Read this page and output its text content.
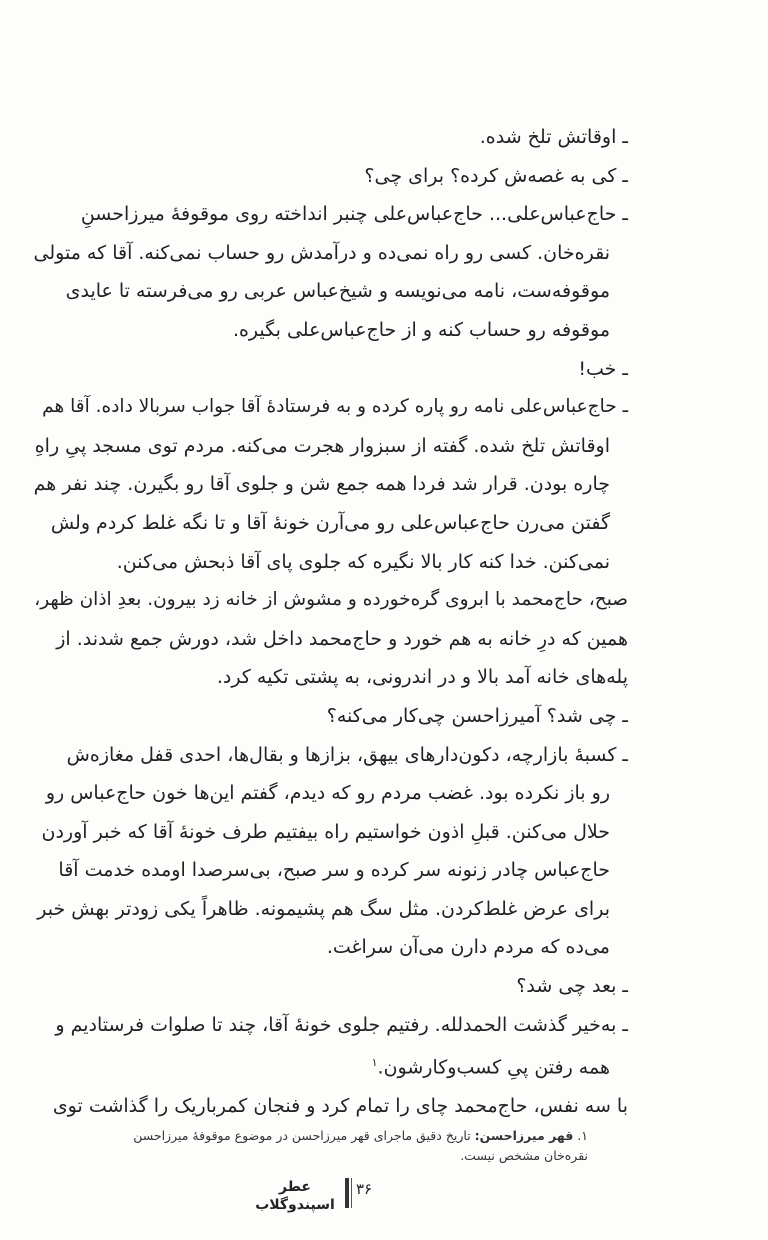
ـ اوقاتش تلخ شده.
ـ کی به غصه‌ش کرده؟ برای چی؟
ـ حاج‌عباس‌علی... حاج‌عباس‌علی چنبر انداخته روی موقوفهٔ میرزاحسنِ
نقره‌خان. کسی رو راه نمی‌ده و درآمدش رو حساب نمی‌کنه. آقا که متولی
موقوفه‌ست، نامه می‌نویسه و شیخ‌عباس عربی رو می‌فرسته تا عایدی
موقوفه رو حساب کنه و از حاج‌عباس‌علی بگیره.
ـ خب!
ـ حاج‌عباس‌علی نامه رو پاره کرده و به فرستادهٔ آقا جواب سربالا داده. آقا هم
اوقاتش تلخ شده. گفته از سبزوار هجرت می‌کنه. مردم توی مسجد پیِ راهِ
چاره بودن. قرار شد فردا همه جمع شن و جلوی آقا رو بگیرن. چند نفر هم
گفتن می‌رن حاج‌عباس‌علی رو می‌آرن خونهٔ آقا و تا نگه غلط کردم ولش
نمی‌کنن. خدا کنه کار بالا نگیره که جلوی پای آقا ذبحش می‌کنن.
صبح، حاج‌محمد با ابروی گره‌خورده و مشوش از خانه زد بیرون. بعدِ اذان ظهر،
همین که درِ خانه به هم خورد و حاج‌محمد داخل شد، دورش جمع شدند. از
پله‌های خانه آمد بالا و در اندرونی، به پشتی تکیه کرد.
ـ چی شد؟ آمیرزاحسن چی‌کار می‌کنه؟
ـ کسبهٔ بازارچه، دکون‌دارهای بیهق، بزازها و بقال‌ها، احدی قفل مغازه‌ش
رو باز نکرده بود. غضب مردم رو که دیدم، گفتم این‌ها خون حاج‌عباس رو
حلال می‌کنن. قبلِ اذون خواستیم راه بیفتیم طرف خونهٔ آقا که خبر آوردن
حاج‌عباس چادر زنونه سر کرده و سر صبح، بی‌سرصدا اومده خدمت آقا
برای عرض غلط‌کردن. مثل سگ هم پشیمونه. ظاهراً یکی زودتر بهش خبر
می‌ده که مردم دارن می‌آن سراغت.
ـ بعد چی شد؟
ـ به‌خیر گذشت الحمدلله. رفتیم جلوی خونهٔ آقا، چند تا صلوات فرستادیم و
همه رفتن پیِ کسب‌وکارشون.$^۱$
با سه نفس، حاج‌محمد چای را تمام کرد و فنجان کمرباریک را گذاشت توی
۱. قهر میرزاحسن: تاریخ دقیق ماجرای قهر میرزاحسن در موضوع موقوفهٔ میرزاحسن نقره‌خان مشخص نیست.
عطر
اسپندوگلاب
۳۶
